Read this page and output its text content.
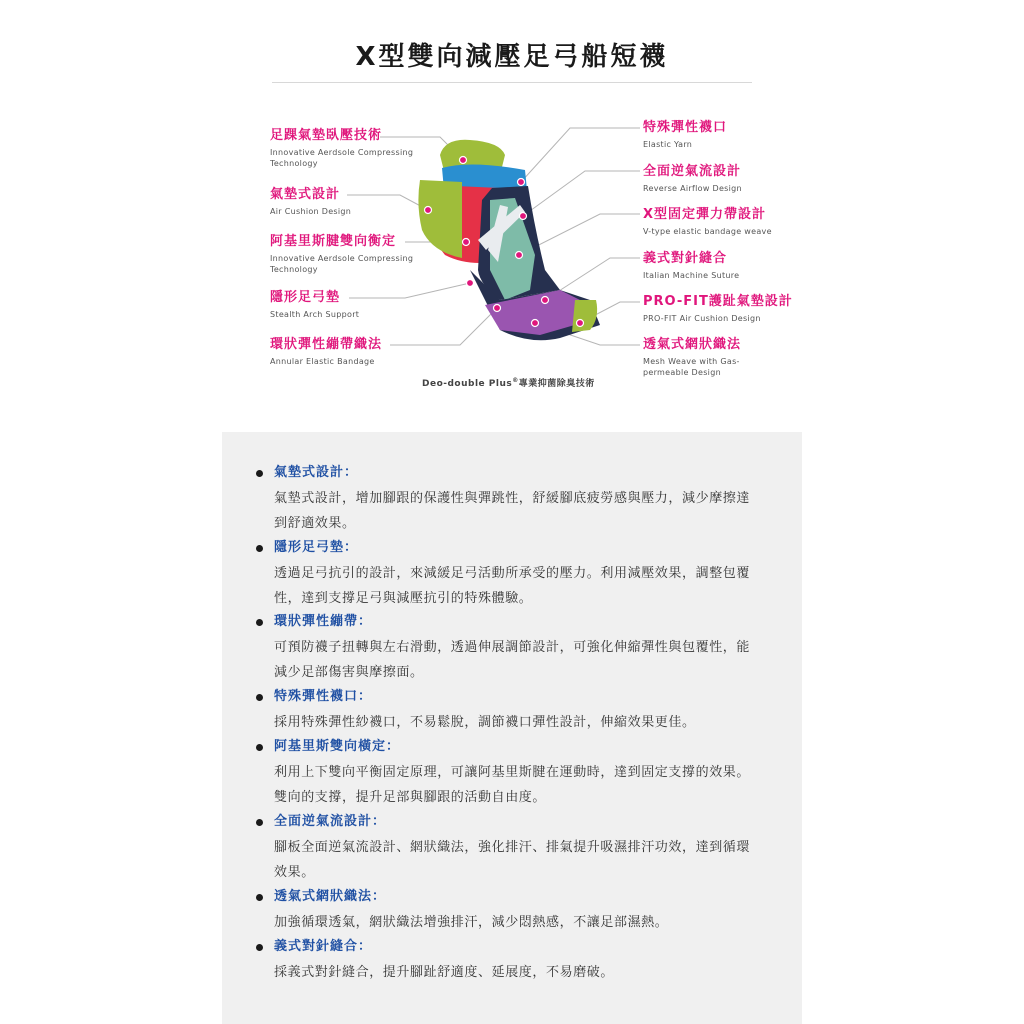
X型雙向減壓足弓船短襪
足踝氣墊臥壓技術
Innovative Aerdsole Compressing Technology
氣墊式設計
Air Cushion Design
阿基里斯腱雙向衡定
Innovative Aerdsole Compressing Technology
隱形足弓墊
Stealth Arch Support
環狀彈性繃帶織法
Annular Elastic Bandage
特殊彈性襪口
Elastic Yarn
全面逆氣流設計
Reverse Airflow Design
X型固定彈力帶設計
V-type elastic bandage weave
義式對針縫合
Italian Machine Suture
PRO-FIT護趾氣墊設計
PRO-FIT Air Cushion Design
透氣式網狀織法
Mesh Weave with Gas-permeable Design
Deo-double Plus®專業抑菌除臭技術
氣墊式設計：
氣墊式設計，增加腳跟的保護性與彈跳性，舒緩腳底疲勞感與壓力，減少摩擦達到舒適效果。
隱形足弓墊：
透過足弓抗引的設計，來減緩足弓活動所承受的壓力。利用減壓效果，調整包覆性，達到支撐足弓與減壓抗引的特殊體驗。
環狀彈性繃帶：
可預防襪子扭轉與左右滑動，透過伸展調節設計，可強化伸縮彈性與包覆性，能減少足部傷害與摩擦面。
特殊彈性襪口：
採用特殊彈性紗襪口，不易鬆脫，調節襪口彈性設計，伸縮效果更佳。
阿基里斯雙向橫定：
利用上下雙向平衡固定原理，可讓阿基里斯腱在運動時，達到固定支撐的效果。雙向的支撐，提升足部與腳跟的活動自由度。
全面逆氣流設計：
腳板全面逆氣流設計、網狀織法，強化排汗、排氣提升吸濕排汗功效，達到循環效果。
透氣式網狀織法：
加強循環透氣，網狀織法增強排汗，減少悶熱感，不讓足部濕熱。
義式對針縫合：
採義式對針縫合，提升腳趾舒適度、延展度，不易磨破。
